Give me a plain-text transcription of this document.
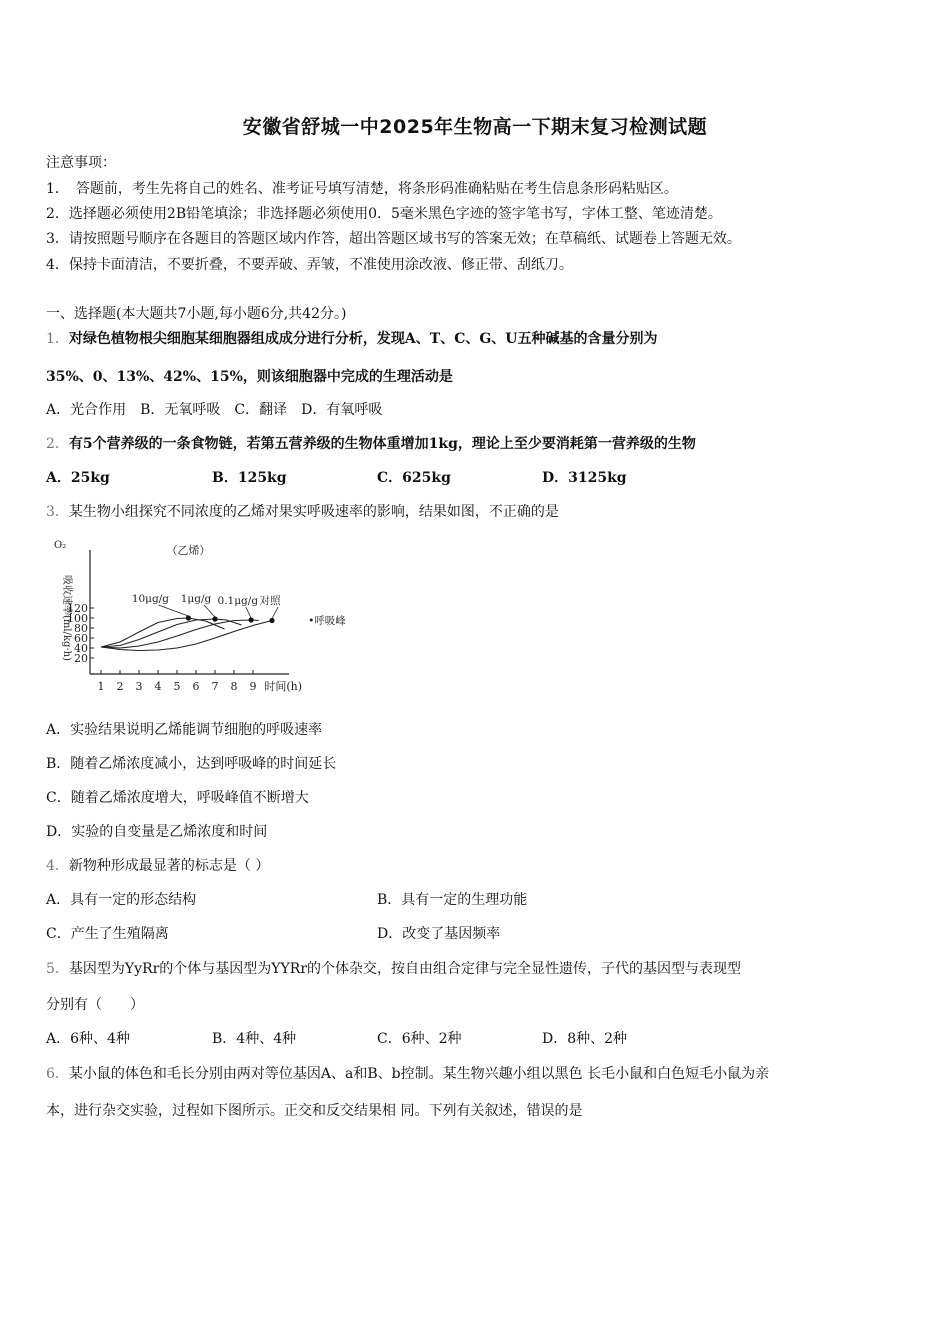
安徽省舒城一中2025年生物高一下期末复习检测试题
注意事项：
1．　答题前，考生先将自己的姓名、准考证号填写清楚，将条形码准确粘贴在考生信息条形码粘贴区。
2．选择题必须使用2B铅笔填涂；非选择题必须使用0．5毫米黑色字迹的签字笔书写，字体工整、笔迹清楚。
3．请按照题号顺序在各题目的答题区域内作答，超出答题区域书写的答案无效；在草稿纸、试题卷上答题无效。
4．保持卡面清洁，不要折叠，不要弄破、弄皱，不准使用涂改液、修正带、刮纸刀。
一、选择题(本大题共7小题,每小题6分,共42分。)
1．对绿色植物根尖细胞某细胞器组成成分进行分析，发现A、T、C、G、U五种碱基的含量分别为
35%、0、13%、42%、15%，则该细胞器中完成的生理活动是
A．光合作用　B．无氧呼吸　C．翻译　D．有氧呼吸
2．有5个营养级的一条食物链，若第五营养级的生物体重增加1kg，理论上至少要消耗第一营养级的生物
A．25kg	B．125kg	C．625kg	D．3125kg
3．某生物小组探究不同浓度的乙烯对果实呼吸速率的影响，结果如图，不正确的是
20
40
60
80
100
120
1 2 3 4 5 6 7 8 9
O₂
吸收速率(ml/kg·h)
时间(h)
（乙烯）
10μg/g 1μg/g 0.1μg/g 对照
•呼吸峰
A．实验结果说明乙烯能调节细胞的呼吸速率
B．随着乙烯浓度减小，达到呼吸峰的时间延长
C．随着乙烯浓度增大，呼吸峰值不断增大
D．实验的自变量是乙烯浓度和时间
4．新物种形成最显著的标志是（ ）
A．具有一定的形态结构	B．具有一定的生理功能
C．产生了生殖隔离	D．改变了基因频率
5．基因型为YyRr的个体与基因型为YYRr的个体杂交，按自由组合定律与完全显性遗传，子代的基因型与表现型
分别有（　　）
A．6种、4种	B．4种、4种	C．6种、2种	D．8种、2种
6．某小鼠的体色和毛长分别由两对等位基因A、a和B、b控制。某生物兴趣小组以黑色 长毛小鼠和白色短毛小鼠为亲
本，进行杂交实验，过程如下图所示。正交和反交结果相 同。下列有关叙述，错误的是
